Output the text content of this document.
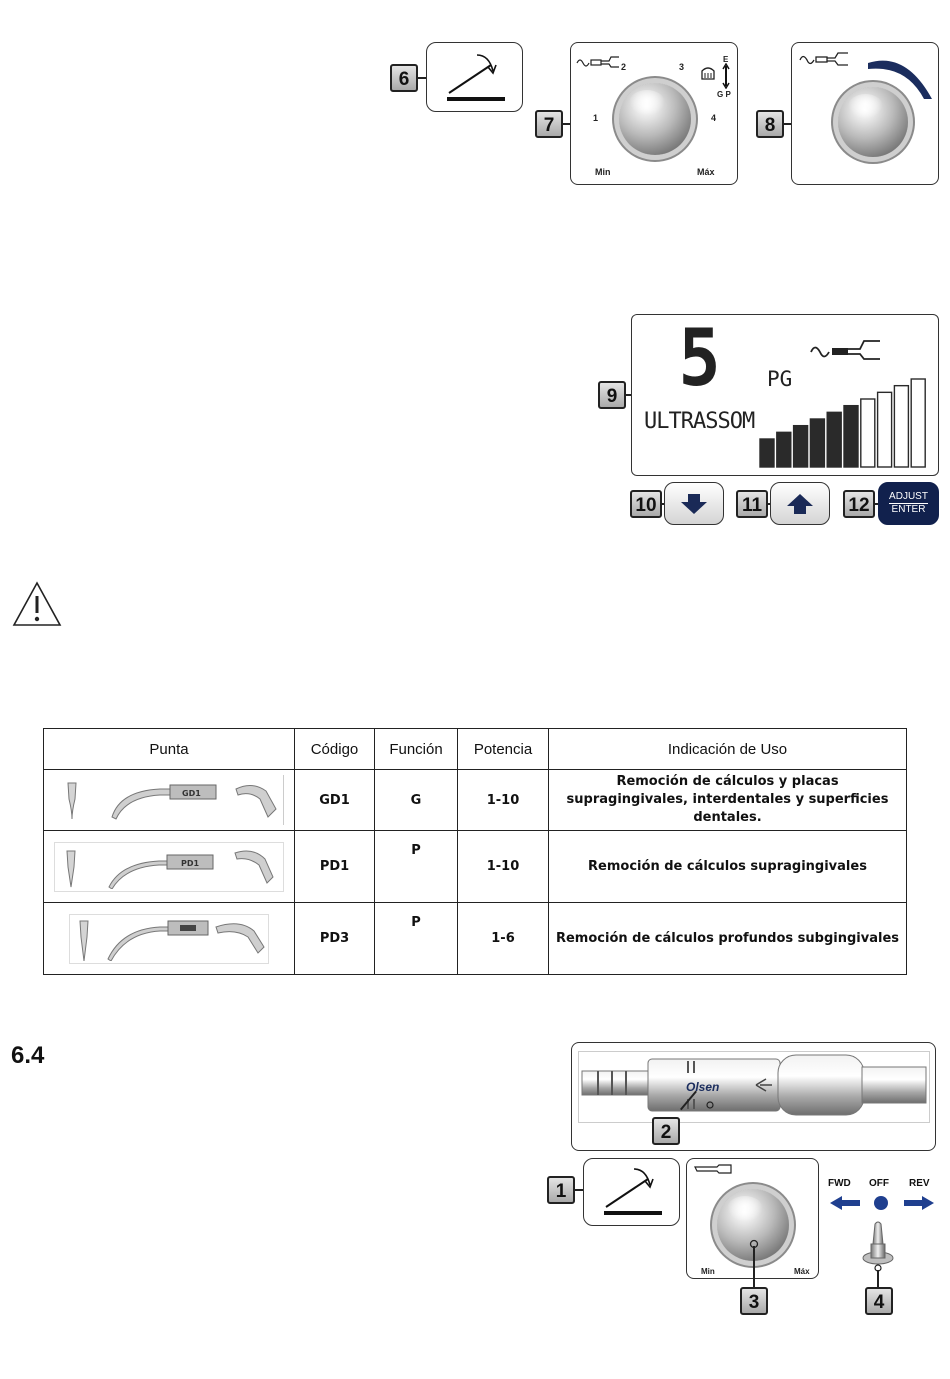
6
7
2	3
1	4
Min	Máx
E
G P
8
9 5 PG
ULTRASSOM
10	11	12	ADJUST
ENTER
Punta	Código	Función	Potencia	Indicación de Uso

GD1	GD1	G	1-10	Remoción de cálculos y placas supragingivales, interdentales y superficies dentales.

PD1	PD1	P	1-10	Remoción de cálculos supragingivales

	PD3	P	1-6	Remoción de cálculos profundos subgingivales
6.4
Olsen
2
1
Min	Máx
3
FWD OFF REV
4
